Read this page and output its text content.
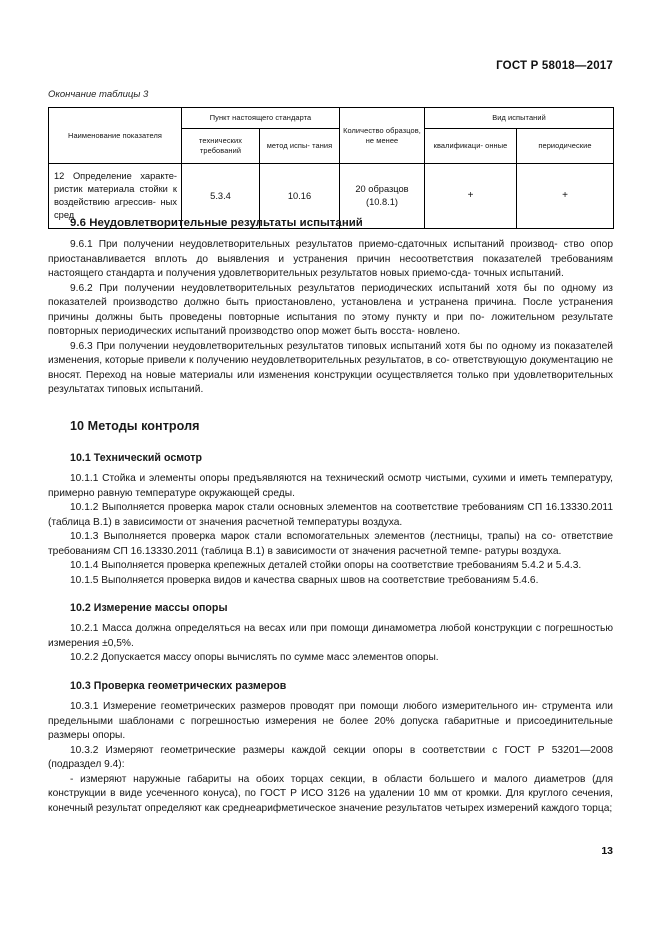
ГОСТ Р 58018—2017
Окончание таблицы 3
Наименование показателя	Пункт настоящего стандарта		Количество образцов, не менее	Вид испытаний	
	технических требований	метод испы- тания		квалификаци- онные	периодические
12 Определение характе- ристик материала стойки к воздействию агрессив- ных сред	5.3.4	10.16	20 образцов (10.8.1)	+	+
9.6 Неудовлетворительные результаты испытаний

9.6.1 При получении неудовлетворительных результатов приемо-сдаточных испытаний производ- ство опор приостанавливается вплоть до выявления и устранения причин несоответствия показателей требованиям настоящего стандарта и получения удовлетворительных результатов новых приемо-сда- точных испытаний.

9.6.2 При получении неудовлетворительных результатов периодических испытаний хотя бы по одному из показателей производство должно быть приостановлено, установлена и устранена причина. После устранения причины должны быть проведены повторные испытания по этому пункту и при по- ложительном результате повторных периодических испытаний производство опор может быть восста- новлено.

9.6.3 При получении неудовлетворительных результатов типовых испытаний хотя бы по одному из показателей изменения, которые привели к получению неудовлетворительных результатов, в со- ответствующую документацию не вносят. Переход на новые материалы или изменения конструкции осуществляется только при удовлетворительных результатах типовых испытаний.

10 Методы контроля
10.1 Технический осмотр

10.1.1 Стойка и элементы опоры предъявляются на технический осмотр чистыми, сухими и иметь температуру, примерно равную температуре окружающей среды.

10.1.2 Выполняется проверка марок стали основных элементов на соответствие требованиям СП 16.13330.2011 (таблица В.1) в зависимости от значения расчетной температуры воздуха.

10.1.3 Выполняется проверка марок стали вспомогательных элементов (лестницы, трапы) на со- ответствие требованиям СП 16.13330.2011 (таблица В.1) в зависимости от значения расчетной темпе- ратуры воздуха.

10.1.4 Выполняется проверка крепежных деталей стойки опоры на соответствие требованиям 5.4.2 и 5.4.3.

10.1.5 Выполняется проверка видов и качества сварных швов на соответствие требованиям 5.4.6.

10.2 Измерение массы опоры

10.2.1 Масса должна определяться на весах или при помощи динамометра любой конструкции с погрешностью измерения ±0,5%.

10.2.2 Допускается массу опоры вычислять по сумме масс элементов опоры.

10.3 Проверка геометрических размеров

10.3.1 Измерение геометрических размеров проводят при помощи любого измерительного ин- струмента или предельными шаблонами с погрешностью измерения не более 20% допуска габаритные и присоединительные размеры опоры.

10.3.2 Измеряют геометрические размеры каждой секции опоры в соответствии с ГОСТ Р 53201—2008 (подраздел 9.4):

- измеряют наружные габариты на обоих торцах секции, в области большего и малого диаметров (для конструкции в виде усеченного конуса), по ГОСТ Р ИСО 3126 на удалении 10 мм от кромки. Для круглого сечения, конечный результат определяют как среднеарифметическое значение результатов четырех измерений каждого торца;

13
